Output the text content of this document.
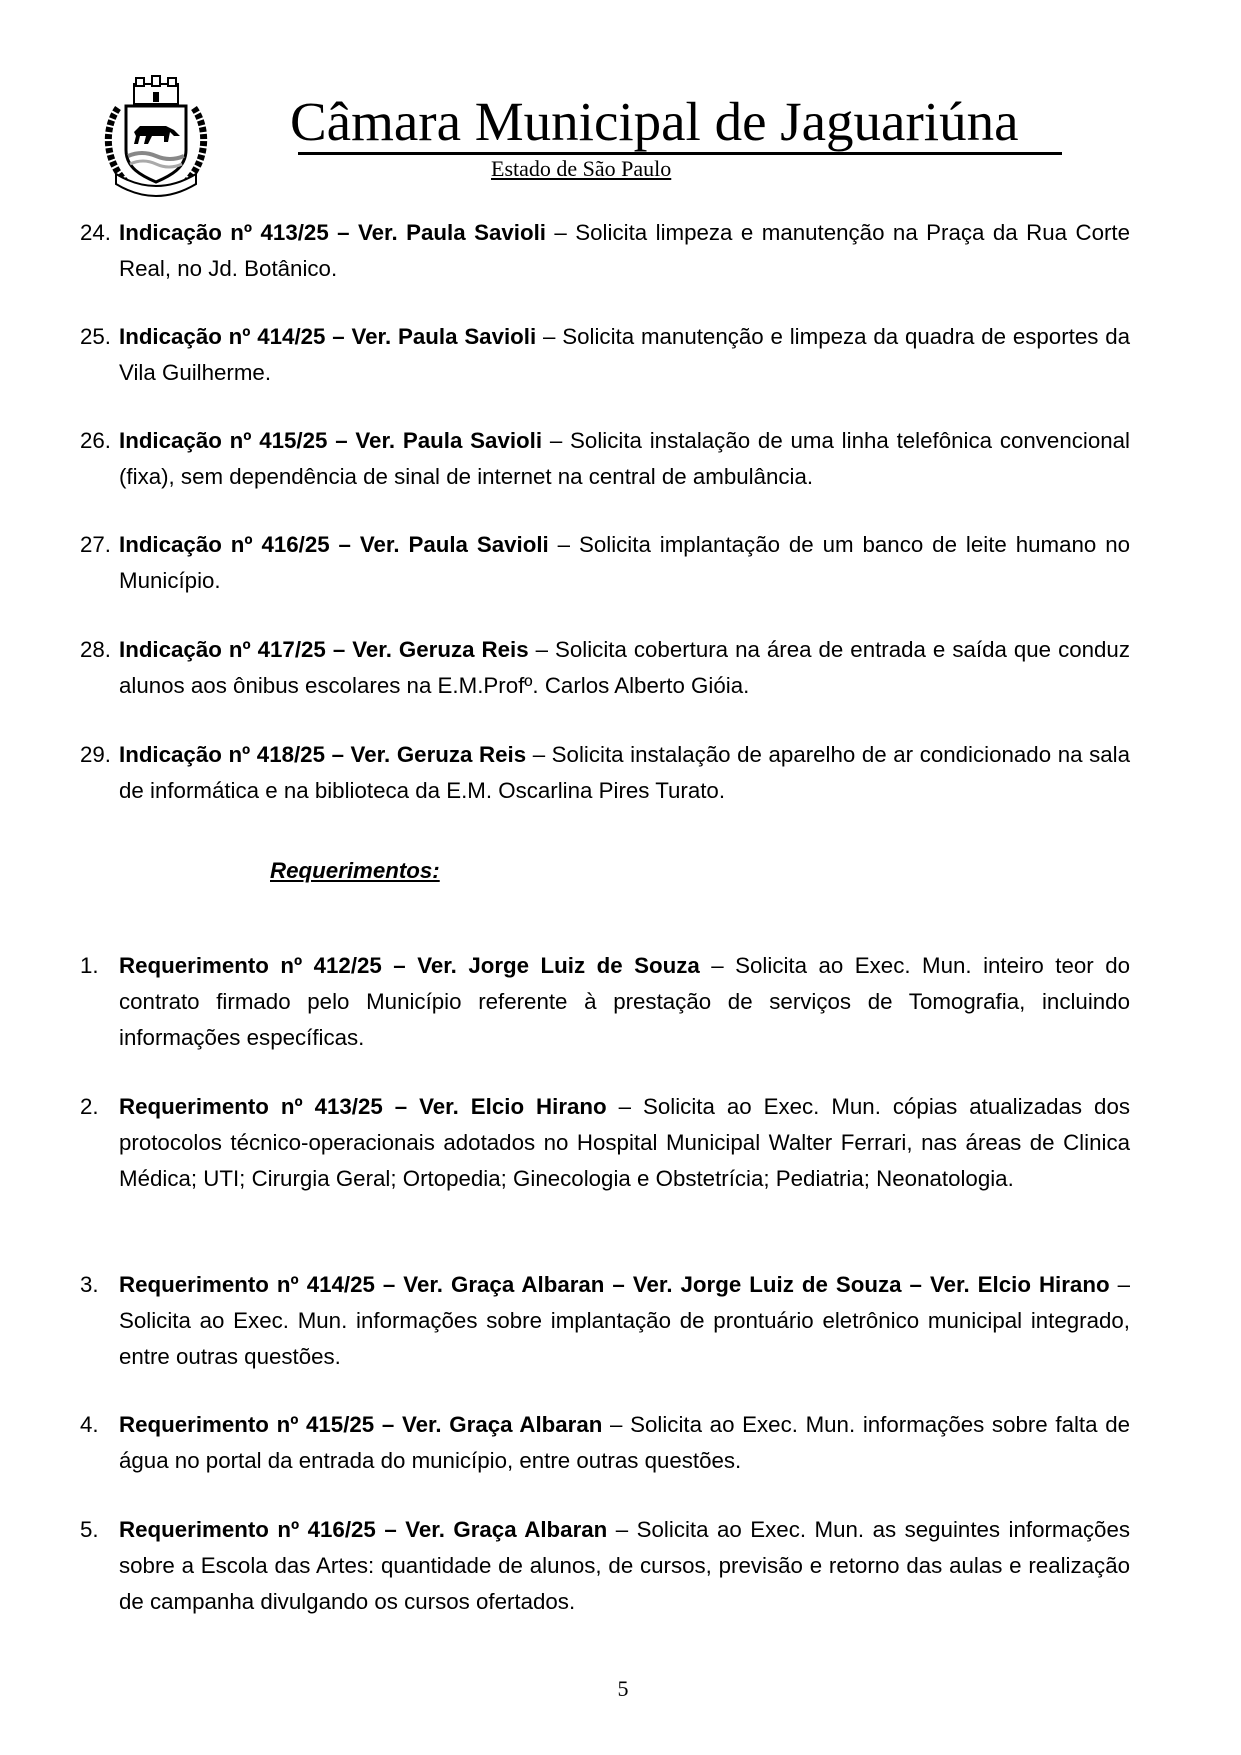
Câmara Municipal de Jaguariúna
Estado de São Paulo
24. Indicação nº 413/25 – Ver. Paula Savioli – Solicita limpeza e manutenção na Praça da Rua Corte Real, no Jd. Botânico.
25. Indicação nº 414/25 – Ver. Paula Savioli – Solicita manutenção e limpeza da quadra de esportes da Vila Guilherme.
26. Indicação nº 415/25 – Ver. Paula Savioli – Solicita instalação de uma linha telefônica convencional (fixa), sem dependência de sinal de internet na central de ambulância.
27. Indicação nº 416/25 – Ver. Paula Savioli – Solicita implantação de um banco de leite humano no Município.
28. Indicação nº 417/25 – Ver. Geruza Reis – Solicita cobertura na área de entrada e saída que conduz alunos aos ônibus escolares na E.M.Profº. Carlos Alberto Gióia.
29. Indicação nº 418/25 – Ver. Geruza Reis – Solicita instalação de aparelho de ar condicionado na sala de informática e na biblioteca da E.M. Oscarlina Pires Turato.
Requerimentos:
1. Requerimento nº 412/25 – Ver. Jorge Luiz de Souza – Solicita ao Exec. Mun. inteiro teor do contrato firmado pelo Município referente à prestação de serviços de Tomografia, incluindo informações específicas.
2. Requerimento nº 413/25 – Ver. Elcio Hirano – Solicita ao Exec. Mun. cópias atualizadas dos protocolos técnico-operacionais adotados no Hospital Municipal Walter Ferrari, nas áreas de Clinica Médica; UTI; Cirurgia Geral; Ortopedia; Ginecologia e Obstetrícia; Pediatria; Neonatologia.
3. Requerimento nº 414/25 – Ver. Graça Albaran – Ver. Jorge Luiz de Souza – Ver. Elcio Hirano – Solicita ao Exec. Mun. informações sobre implantação de prontuário eletrônico municipal integrado, entre outras questões.
4. Requerimento nº 415/25 – Ver. Graça Albaran – Solicita ao Exec. Mun. informações sobre falta de água no portal da entrada do município, entre outras questões.
5. Requerimento nº 416/25 – Ver. Graça Albaran – Solicita ao Exec. Mun. as seguintes informações sobre a Escola das Artes: quantidade de alunos, de cursos, previsão e retorno das aulas e realização de campanha divulgando os cursos ofertados.
5
